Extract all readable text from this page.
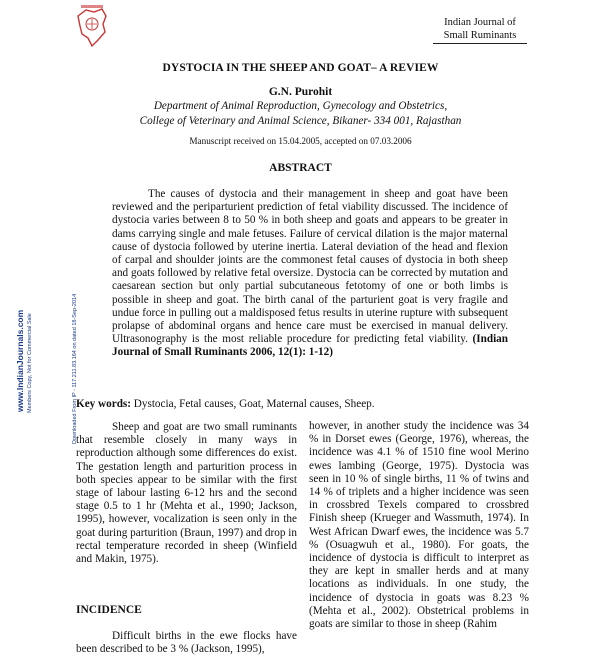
Indian Journal of
Small Ruminants
DYSTOCIA IN THE SHEEP AND GOAT– A REVIEW
G.N. Purohit
Department of Animal Reproduction, Gynecology and Obstetrics,
College of Veterinary and Animal Science, Bikaner- 334 001, Rajasthan
Manuscript received on 15.04.2005, accepted on 07.03.2006
ABSTRACT

The causes of dystocia and their management in sheep and goat have been reviewed and the periparturient prediction of fetal viability discussed. The incidence of dystocia varies between 8 to 50 % in both sheep and goats and appears to be greater in dams carrying single and male fetuses. Failure of cervical dilation is the major maternal cause of dystocia followed by uterine inertia. Lateral deviation of the head and flexion of carpal and shoulder joints are the commonest fetal causes of dystocia in both sheep and goats followed by relative fetal oversize. Dystocia can be corrected by mutation and caesarean section but only partial subcutaneous fetotomy of one or both limbs is possible in sheep and goat. The birth canal of the parturient goat is very fragile and undue force in pulling out a maldisposed fetus results in uterine rupture with subsequent prolapse of abdominal organs and hence care must be exercised in manual delivery. Ultrasonography is the most reliable procedure for predicting fetal viability. (Indian Journal of Small Ruminants 2006, 12(1): 1-12)

Key words: Dystocia, Fetal causes, Goat, Maternal causes, Sheep.

Sheep and goat are two small ruminants that resemble closely in many ways in reproduction although some differences do exist. The gestation length and parturition process in both species appear to be similar with the first stage of labour lasting 6-12 hrs and the second stage 0.5 to 1 hr (Mehta et al., 1990; Jackson, 1995), however, vocalization is seen only in the goat during parturition (Braun, 1997) and drop in rectal temperature recorded in sheep (Winfield and Makin, 1975).

INCIDENCE

Difficult births in the ewe flocks have been described to be 3 % (Jackson, 1995),

however, in another study the incidence was 34 % in Dorset ewes (George, 1976), whereas, the incidence was 4.1 % of 1510 fine wool Merino ewes lambing (George, 1975). Dystocia was seen in 10 % of single births, 11 % of twins and 14 % of triplets and a higher incidence was seen in crossbred Texels compared to crossbred Finish sheep (Krueger and Wassmuth, 1974). In West African Dwarf ewes, the incidence was 5.7 % (Osuagwuh et al., 1980). For goats, the incidence of dystocia is difficult to interpret as they are kept in smaller herds and at many locations as individuals. In one study, the incidence of dystocia in goats was 8.23 % (Mehta et al., 2002). Obstetrical problems in goats are similar to those in sheep (Rahim

www.IndianJournals.com Members Copy, Not for Commercial Sale	Downloaded From IP - 117.211.83.164 on dated 18-Sep-2014
